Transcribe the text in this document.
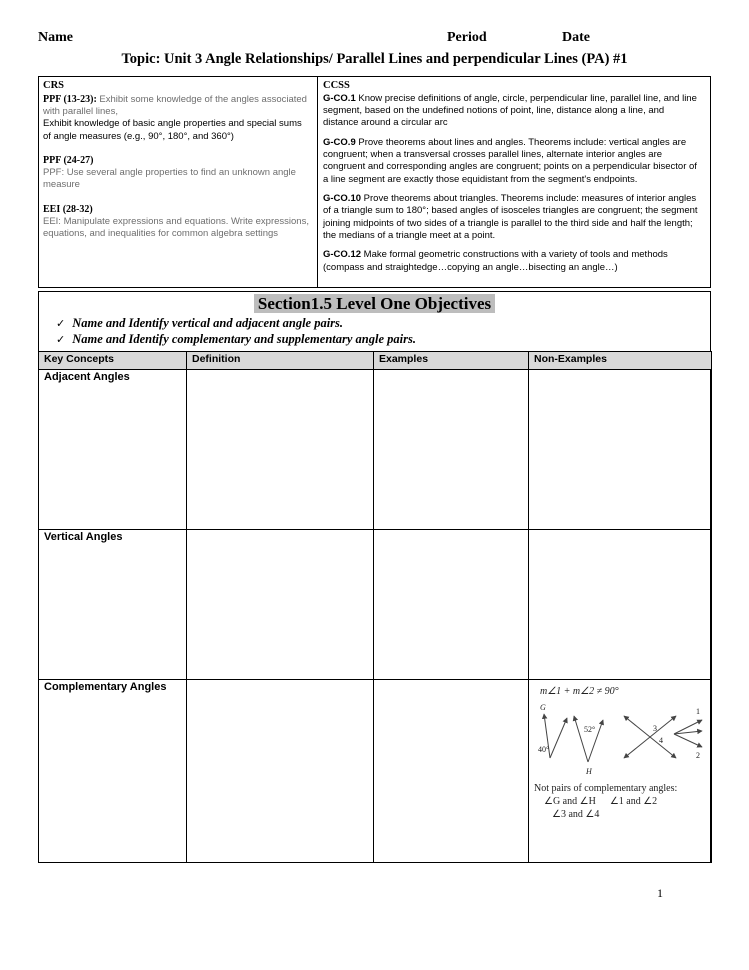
Name	Period	Date
Topic: Unit 3 Angle Relationships/ Parallel Lines and perpendicular Lines (PA) #1
CRS
PPF (13-23): Exhibit some knowledge of the angles associated with parallel lines,
Exhibit knowledge of basic angle properties and special sums of angle measures (e.g., 90°, 180°, and 360°)
PPF (24-27)
PPF: Use several angle properties to find an unknown angle measure
EEI (28-32)
EEI: Manipulate expressions and equations. Write expressions, equations, and inequalities for common algebra settings
CCSS
G-CO.1 Know precise definitions of angle, circle, perpendicular line, parallel line, and line segment, based on the undefined notions of point, line, distance along a line, and distance around a circular arc
G-CO.9 Prove theorems about lines and angles. Theorems include: vertical angles are congruent; when a transversal crosses parallel lines, alternate interior angles are congruent and corresponding angles are congruent; points on a perpendicular bisector of a line segment are exactly those equidistant from the segment's endpoints.
G-CO.10 Prove theorems about triangles. Theorems include: measures of interior angles of a triangle sum to 180°; based angles of isosceles triangles are congruent; the segment joining midpoints of two sides of a triangle is parallel to the third side and half the length; the medians of a triangle meet at a point.
G-CO.12 Make formal geometric constructions with a variety of tools and methods (compass and straightedge…copying an angle…bisecting an angle…)
Section1.5 Level One Objectives
✓ Name and Identify vertical and adjacent angle pairs.
✓ Name and Identify complementary and supplementary angle pairs.
Key Concepts	Definition	Examples	Non-Examples
Adjacent Angles			
Vertical Angles			
Complementary Angles			m∠1 + m∠2 ≠ 90°
G
40°
52°
H
3
4
1
2
Not pairs of complementary angles:
∠G and ∠H ∠1 and ∠2
∠3 and ∠4
1
